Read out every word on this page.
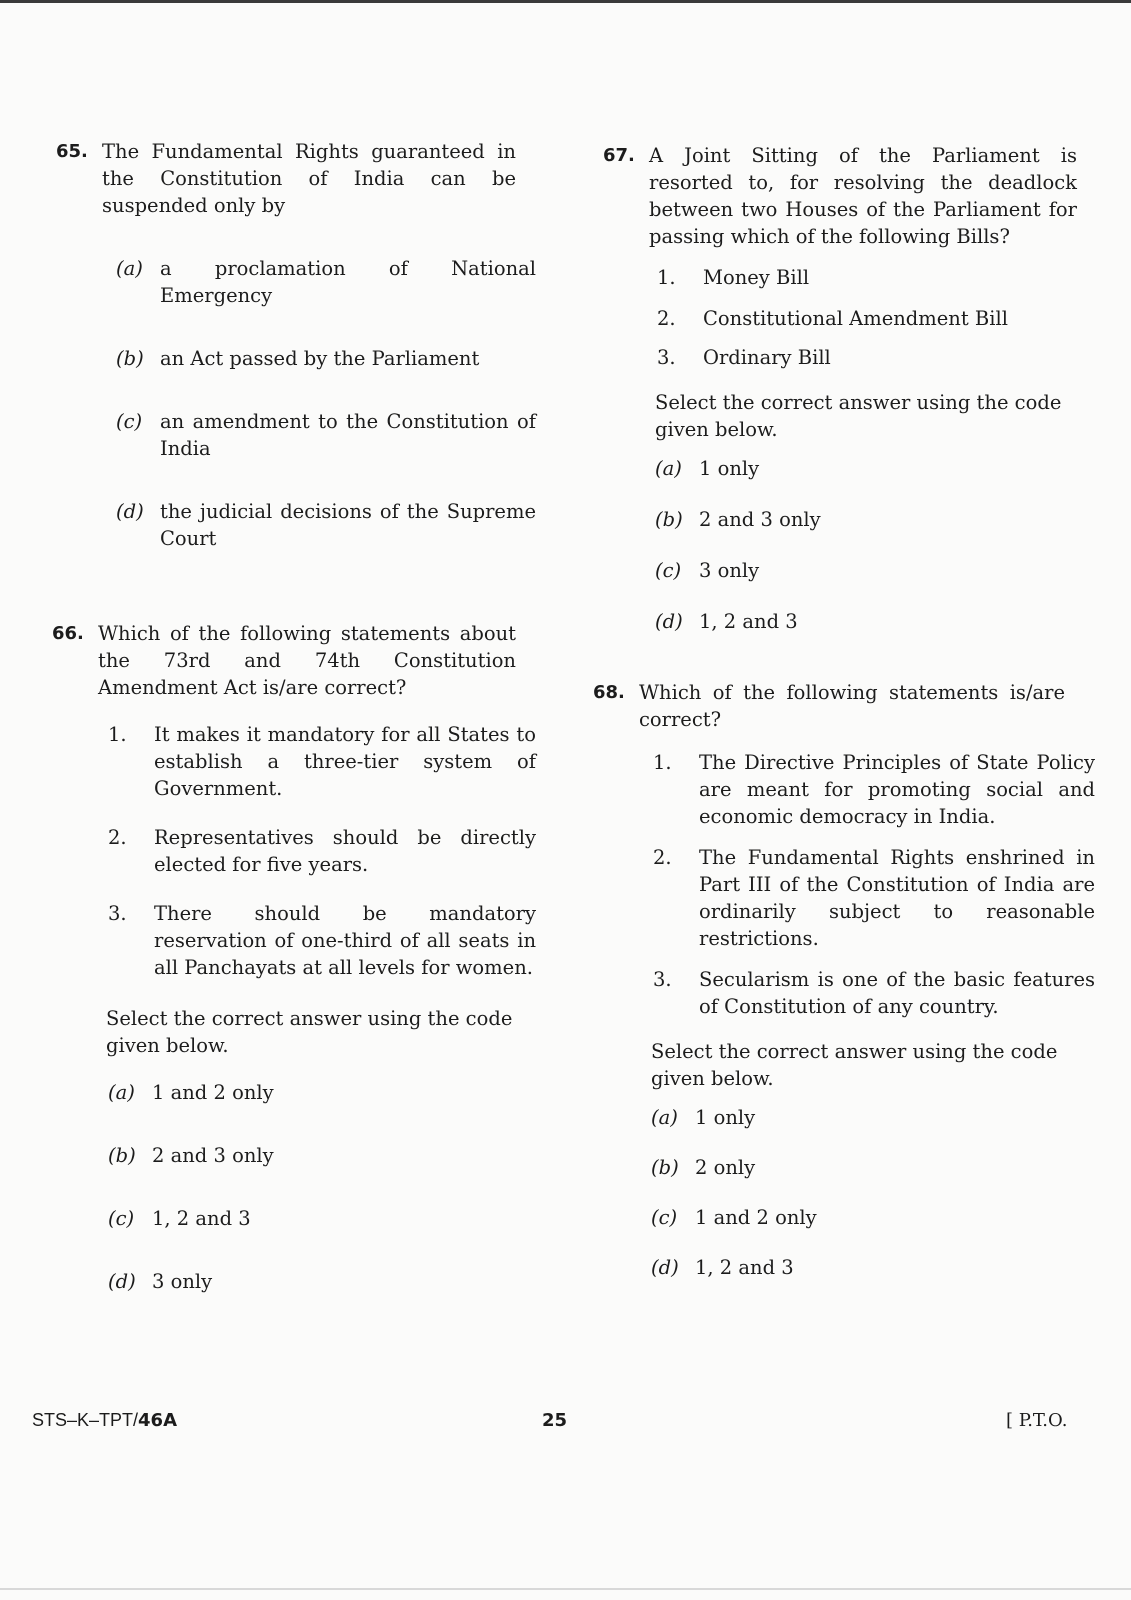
65. The Fundamental Rights guaranteed in the Constitution of India can be suspended only by
(a) a proclamation of National Emergency
(b) an Act passed by the Parliament
(c) an amendment to the Constitution of India
(d) the judicial decisions of the Supreme Court
66. Which of the following statements about the 73rd and 74th Constitution Amendment Act is/are correct?
1.	It makes it mandatory for all States to establish a three-tier system of Government.
2.	Representatives should be directly elected for five years.
3.	There should be mandatory reservation of one-third of all seats in all Panchayats at all levels for women.
Select the correct answer using the code given below.
(a) 1 and 2 only
(b) 2 and 3 only
(c) 1, 2 and 3
(d) 3 only
67. A Joint Sitting of the Parliament is resorted to, for resolving the deadlock between two Houses of the Parliament for passing which of the following Bills?
1.	Money Bill
2.	Constitutional Amendment Bill
3.	Ordinary Bill
Select the correct answer using the code given below.
(a) 1 only
(b) 2 and 3 only
(c) 3 only
(d) 1, 2 and 3
68. Which of the following statements is/are correct?
1.	The Directive Principles of State Policy are meant for promoting social and economic democracy in India.
2.	The Fundamental Rights enshrined in Part III of the Constitution of India are ordinarily subject to reasonable restrictions.
3.	Secularism is one of the basic features of Constitution of any country.
Select the correct answer using the code given below.
(a) 1 only
(b) 2 only
(c) 1 and 2 only
(d) 1, 2 and 3
STS–K–TPT/46A	25	[ P.T.O.
